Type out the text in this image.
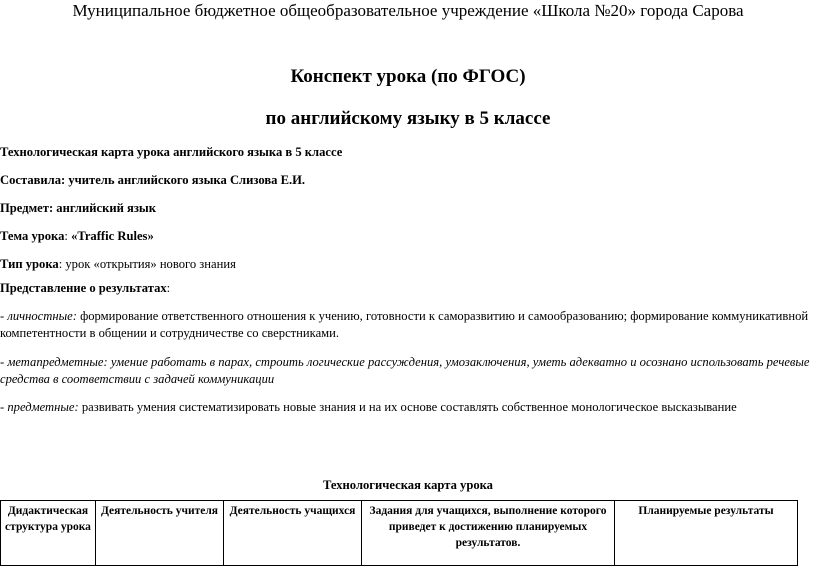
Муниципальное бюджетное общеобразовательное учреждение «Школа №20» города Сарова
Конспект урока (по ФГОС)
по английскому языку в 5 классе
Технологическая карта урока английского языка в 5 классе
Составила: учитель английского языка Слизова Е.И.
Предмет: английский язык
Тема урока: «Traffic Rules»
Тип урока: урок «открытия» нового знания
Представление о результатах:
- личностные: формирование ответственного отношения к учению, готовности к саморазвитию и самообразованию; формирование коммуникативной компетентности в общении и сотрудничестве со сверстниками.
- метапредметные: умение работать в парах, строить логические рассуждения, умозаключения, уметь адекватно и осознано использовать речевые средства в соответствии с задачей коммуникации
- предметные: развивать умения систематизировать новые знания и на их основе составлять собственное монологическое высказывание
Технологическая карта урока
Дидактическая структура урока	Деятельность учителя	Деятельность учащихся	Задания для учащихся, выполнение которого приведет к достижению планируемых результатов.	Планируемые результаты
